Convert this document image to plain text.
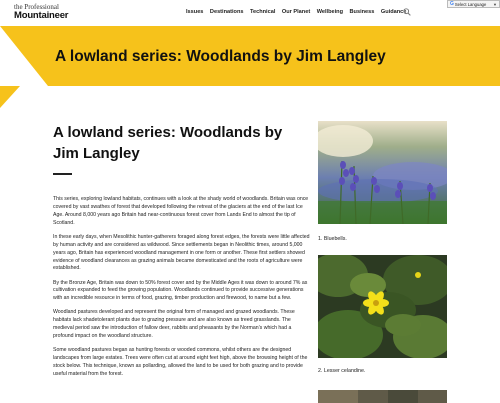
the Professional
Mountaineer	Issues Destinations Technical Our Planet Wellbeing Business Guidance
G Select Language ▼
A lowland series: Woodlands by Jim Langley
A lowland series: Woodlands by Jim Langley

This series, exploring lowland habitats, continues with a look at the shady world of woodlands. Britain was once covered by vast swathes of forest that developed following the retreat of the glaciers at the end of the last Ice Age. Around 8,000 years ago Britain had near-continuous forest cover from Lands End to almost the tip of Scotland.

In these early days, when Mesolithic hunter-gatherers foraged along forest edges, the forests were little affected by human activity and are considered as wildwood. Since settlements began in Neolithic times, around 5,000 years ago, Britain has experienced woodland management in one form or another. These first settlers showed evidence of woodland clearances as grazing animals became domesticated and the roots of agriculture were established.

By the Bronze Age, Britain was down to 50% forest cover and by the Middle Ages it was down to around 7% as cultivation expanded to feed the growing population. Woodlands continued to provide successive generations with an incredible resource in terms of food, grazing, timber production and firewood, to name but a few.

Woodland pastures developed and represent the original form of managed and grazed woodlands. These habitats lack shadetolerant plants due to grazing pressure and are also known as treed grasslands. The medieval period saw the introduction of fallow deer, rabbits and pheasants by the Norman’s which had a profound impact on the woodland structure.

Some woodland pastures began as hunting forests or wooded commons, whilst others are the designed landscapes from large estates. Trees were often cut at around eight feet high, above the browsing height of the stock below. This technique, known as pollarding, allowed the land to be used for both grazing and to provide useful material from the forest.

1. Bluebells.

2. Lesser celandine.
